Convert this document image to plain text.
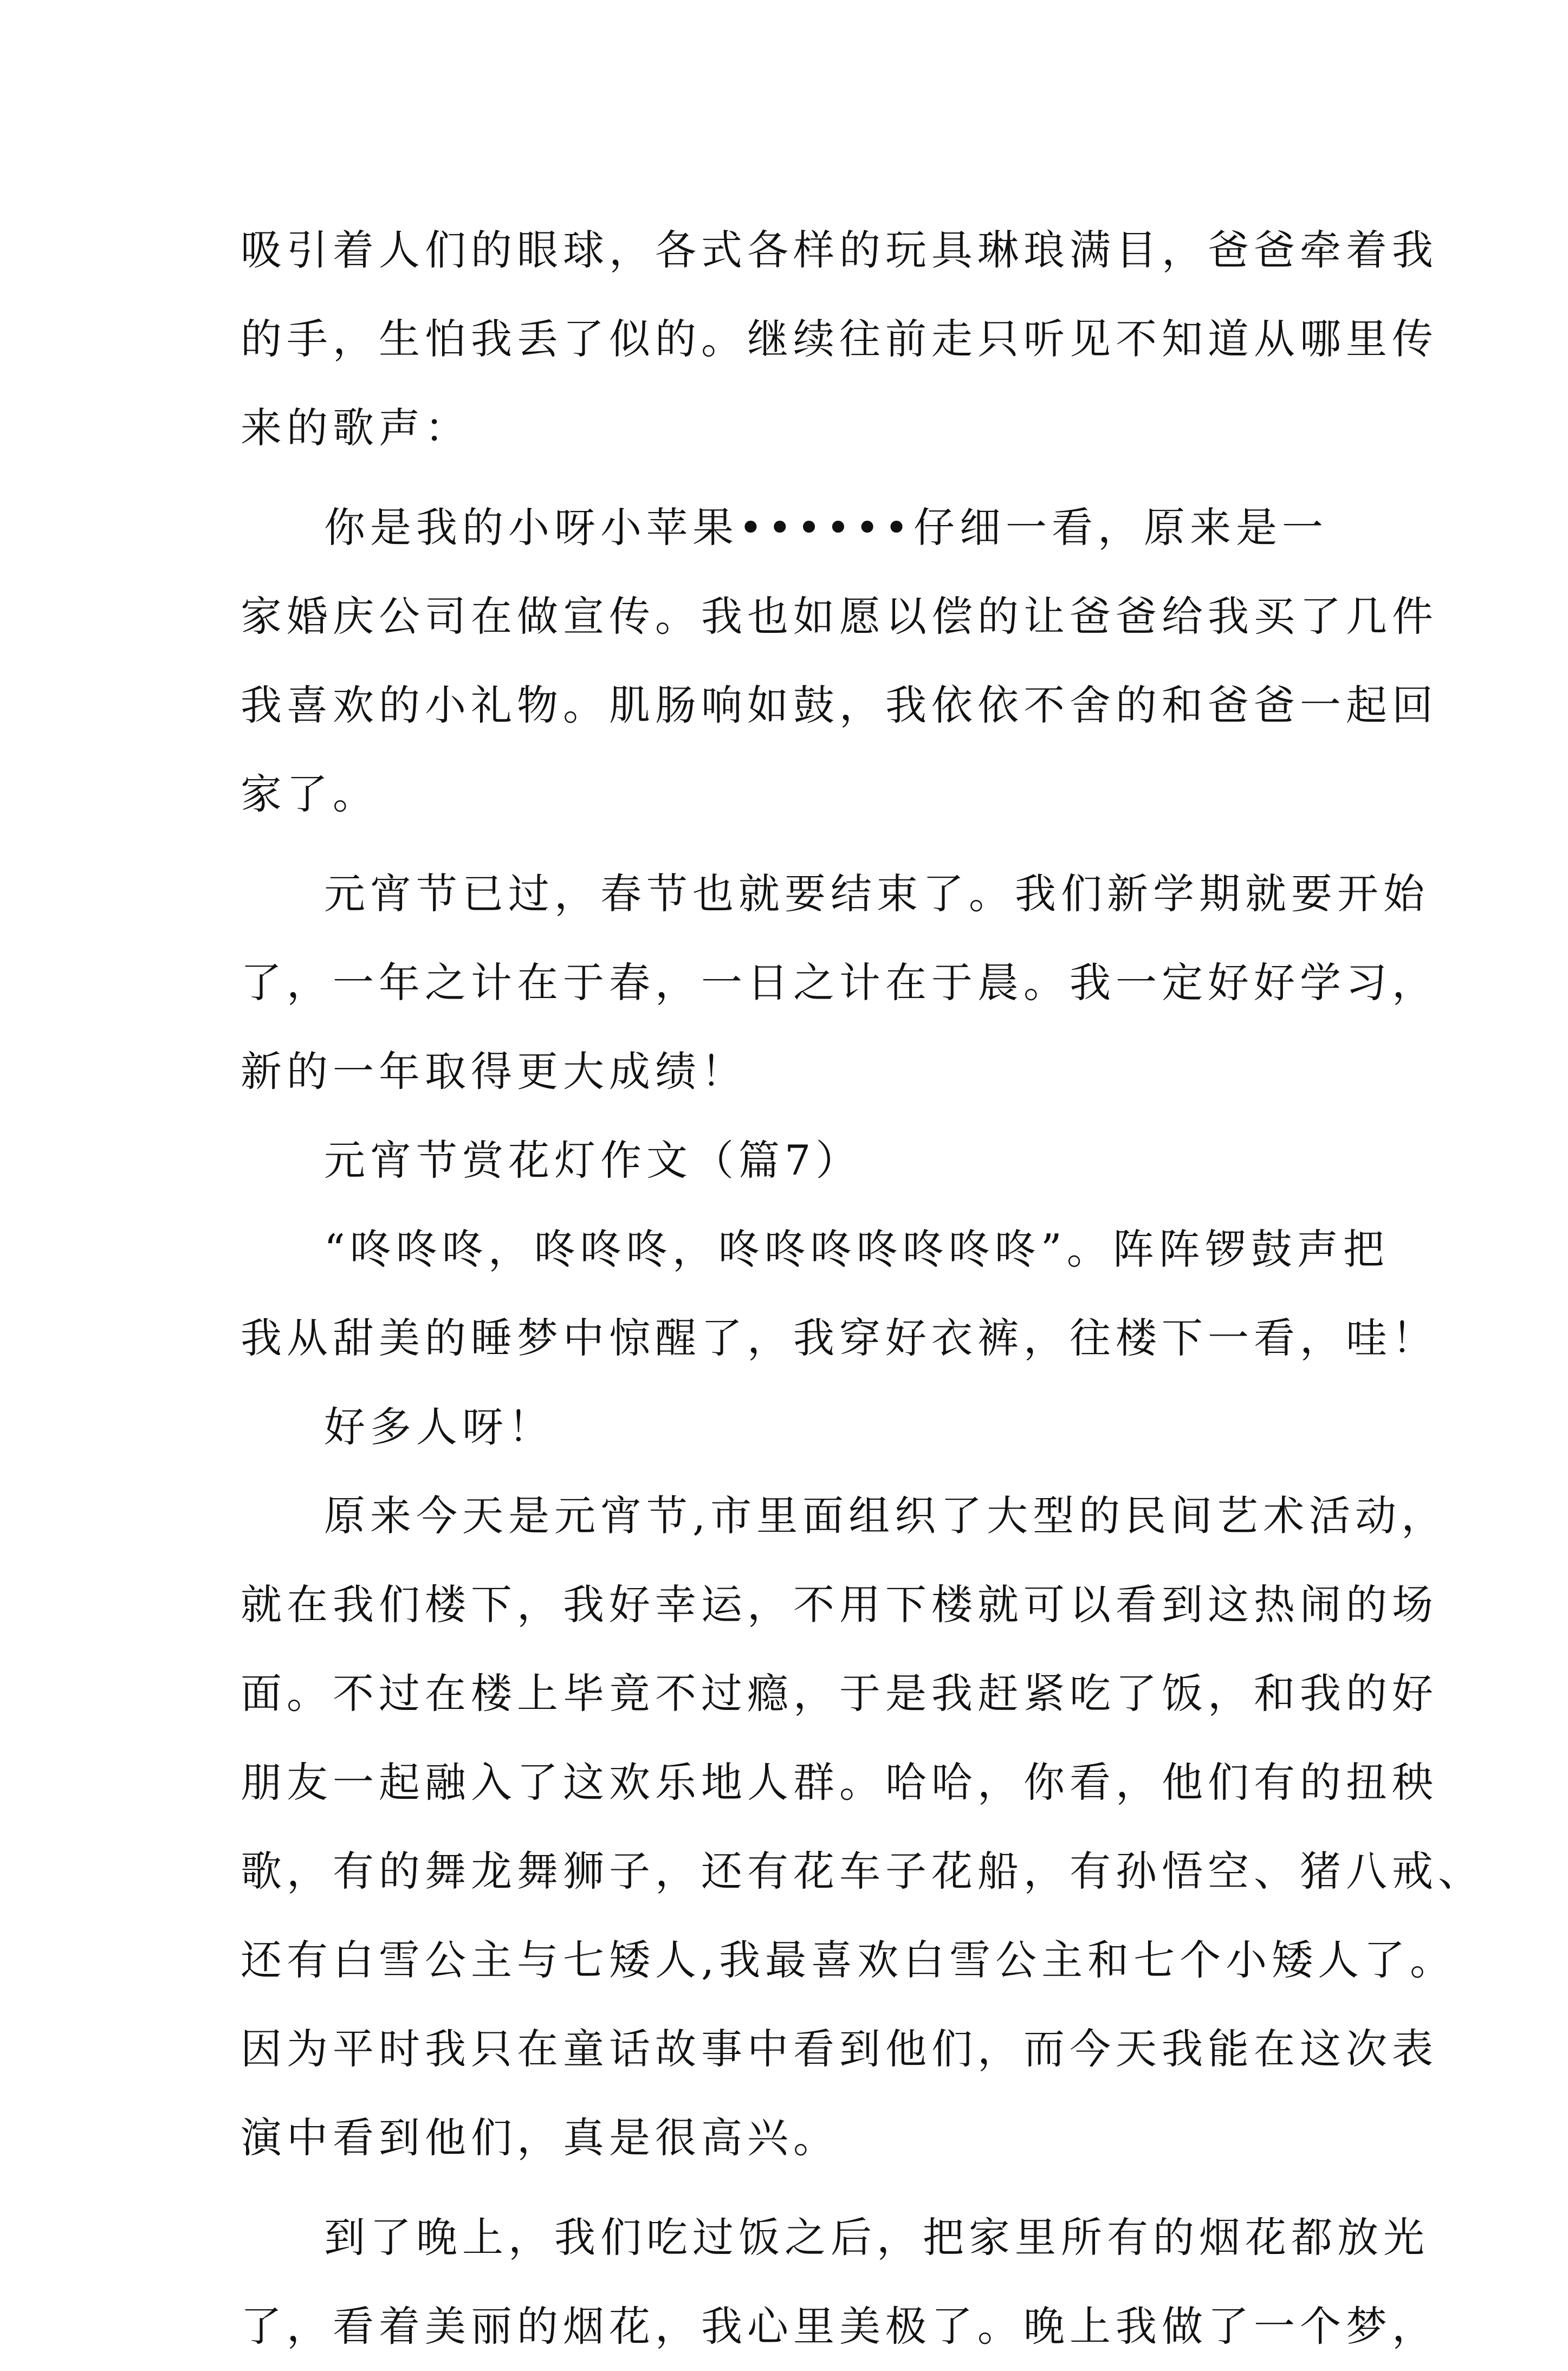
吸引着人们的眼球，各式各样的玩具琳琅满目，爸爸牵着我
的手，生怕我丢了似的。继续往前走只听见不知道从哪里传
来的歌声：
你是我的小呀小苹果••••••仔细一看，原来是一
家婚庆公司在做宣传。我也如愿以偿的让爸爸给我买了几件
我喜欢的小礼物。肌肠响如鼓，我依依不舍的和爸爸一起回
家了。
元宵节已过，春节也就要结束了。我们新学期就要开始
了，一年之计在于春，一日之计在于晨。我一定好好学习，
新的一年取得更大成绩！
元宵节赏花灯作文（篇7）
“咚咚咚，咚咚咚，咚咚咚咚咚咚咚”。阵阵锣鼓声把
我从甜美的睡梦中惊醒了，我穿好衣裤，往楼下一看，哇！
好多人呀！
原来今天是元宵节,市里面组织了大型的民间艺术活动，
就在我们楼下，我好幸运，不用下楼就可以看到这热闹的场
面。不过在楼上毕竟不过瘾，于是我赶紧吃了饭，和我的好
朋友一起融入了这欢乐地人群。哈哈，你看，他们有的扭秧
歌，有的舞龙舞狮子，还有花车子花船，有孙悟空、猪八戒、
还有白雪公主与七矮人,我最喜欢白雪公主和七个小矮人了。
因为平时我只在童话故事中看到他们，而今天我能在这次表
演中看到他们，真是很高兴。
到了晚上，我们吃过饭之后，把家里所有的烟花都放光
了，看着美丽的烟花，我心里美极了。晚上我做了一个梦，
